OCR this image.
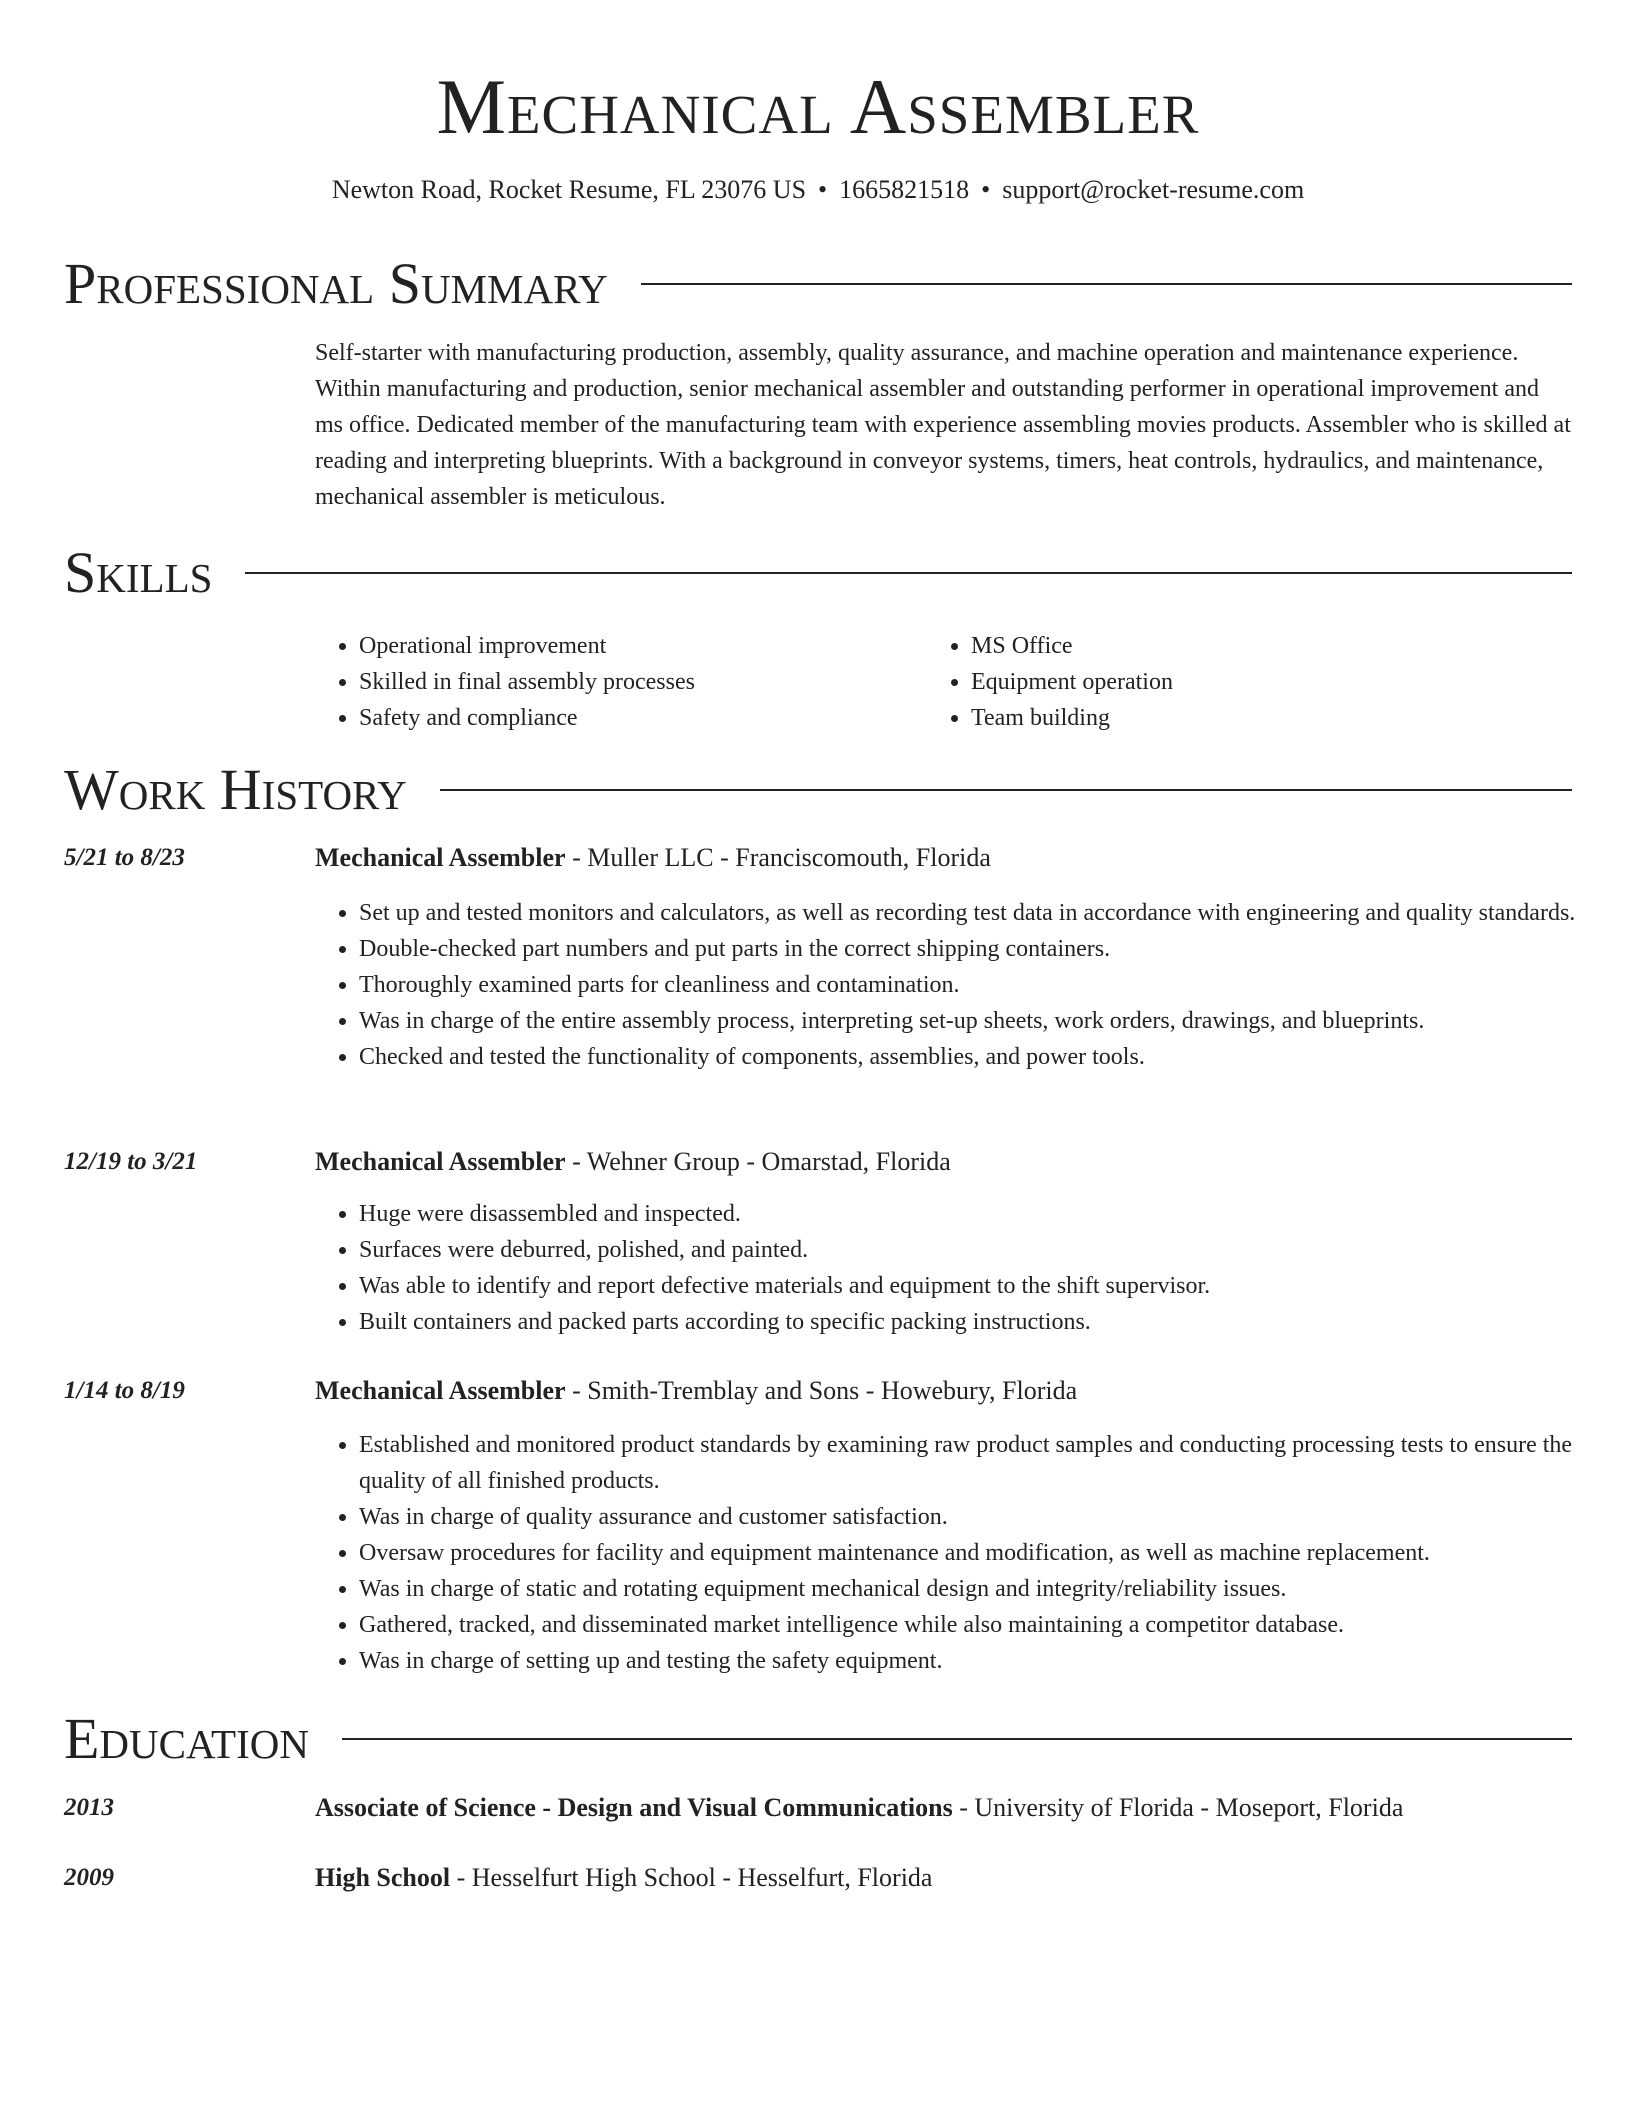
Mechanical Assembler
Newton Road, Rocket Resume, FL 23076 US • 1665821518 • support@rocket-resume.com
Professional Summary
Self-starter with manufacturing production, assembly, quality assurance, and machine operation and maintenance experience. Within manufacturing and production, senior mechanical assembler and outstanding performer in operational improvement and ms office. Dedicated member of the manufacturing team with experience assembling movies products. Assembler who is skilled at reading and interpreting blueprints. With a background in conveyor systems, timers, heat controls, hydraulics, and maintenance, mechanical assembler is meticulous.
Skills
• Operational improvement
• Skilled in final assembly processes
• Safety and compliance
• MS Office
• Equipment operation
• Team building
Work History
5/21 to 8/23	Mechanical Assembler - Muller LLC - Franciscomouth, Florida
• Set up and tested monitors and calculators, as well as recording test data in accordance with engineering and quality standards.
• Double-checked part numbers and put parts in the correct shipping containers.
• Thoroughly examined parts for cleanliness and contamination.
• Was in charge of the entire assembly process, interpreting set-up sheets, work orders, drawings, and blueprints.
• Checked and tested the functionality of components, assemblies, and power tools.
12/19 to 3/21	Mechanical Assembler - Wehner Group - Omarstad, Florida
• Huge were disassembled and inspected.
• Surfaces were deburred, polished, and painted.
• Was able to identify and report defective materials and equipment to the shift supervisor.
• Built containers and packed parts according to specific packing instructions.
1/14 to 8/19	Mechanical Assembler - Smith-Tremblay and Sons - Howebury, Florida
• Established and monitored product standards by examining raw product samples and conducting processing tests to ensure the quality of all finished products.
• Was in charge of quality assurance and customer satisfaction.
• Oversaw procedures for facility and equipment maintenance and modification, as well as machine replacement.
• Was in charge of static and rotating equipment mechanical design and integrity/reliability issues.
• Gathered, tracked, and disseminated market intelligence while also maintaining a competitor database.
• Was in charge of setting up and testing the safety equipment.
Education
2013	Associate of Science - Design and Visual Communications - University of Florida - Moseport, Florida
2009	High School - Hesselfurt High School - Hesselfurt, Florida
